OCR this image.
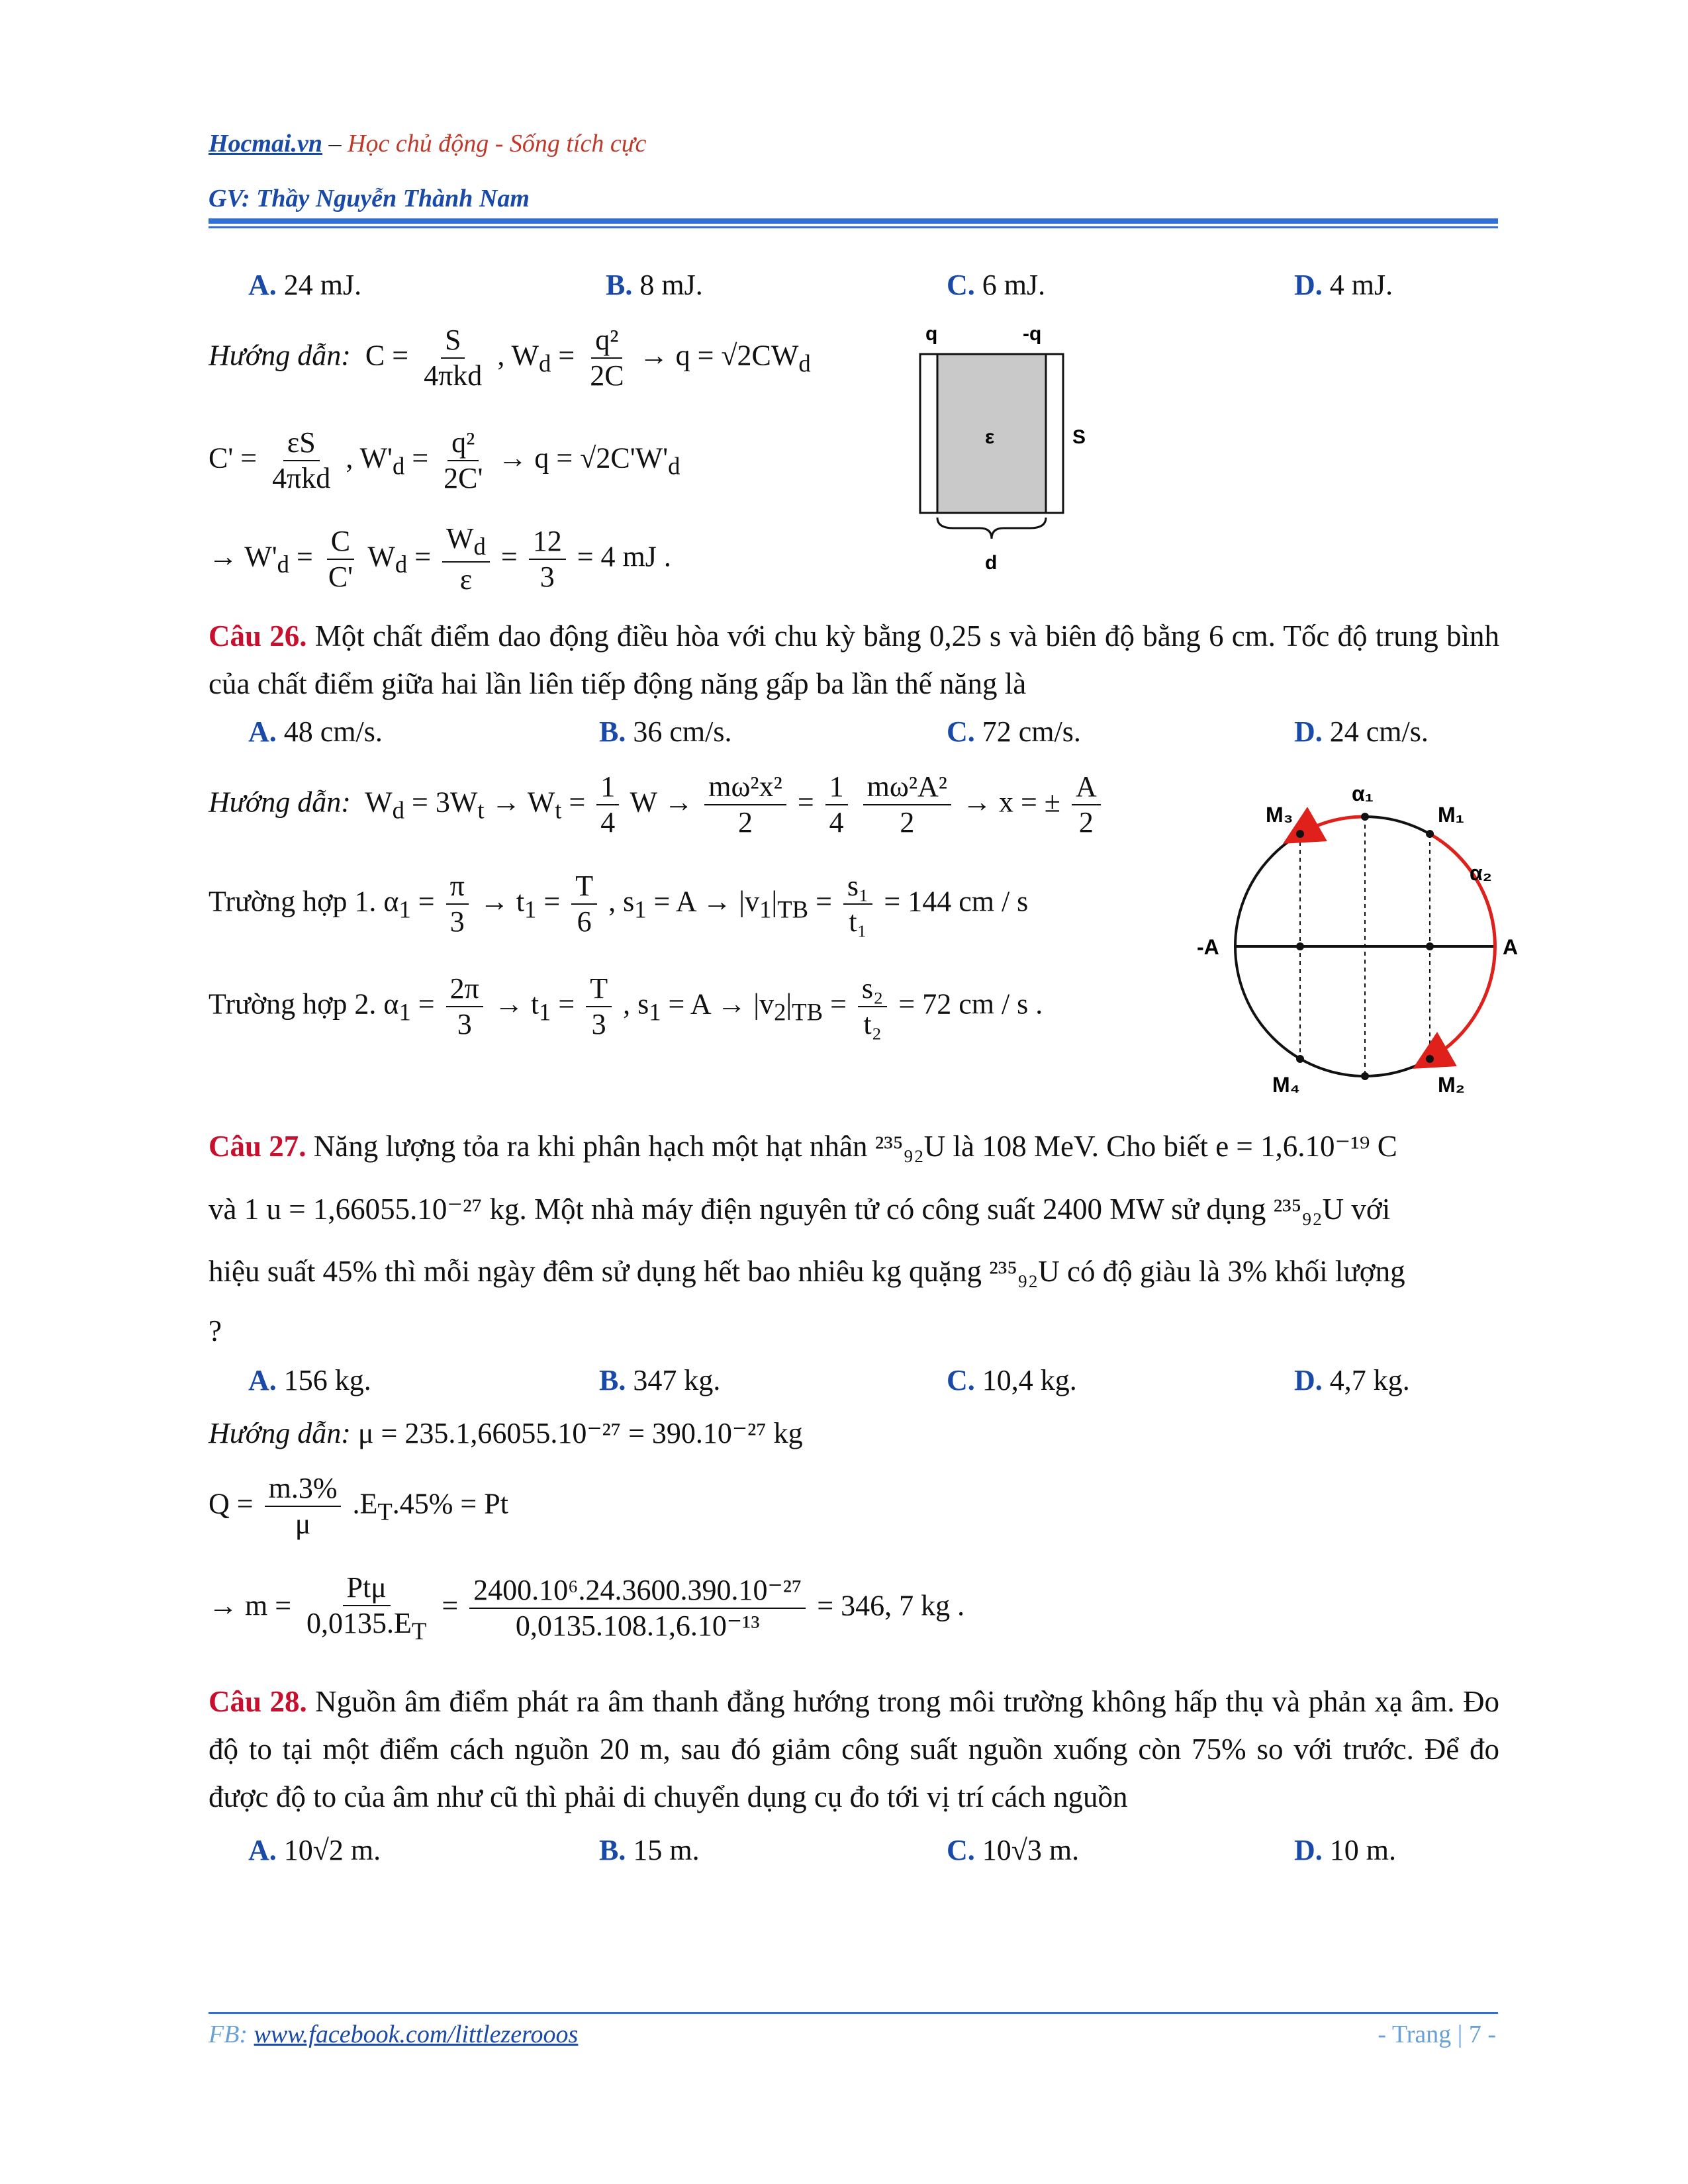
Hocmai.vn – Học chủ động - Sống tích cực
GV: Thầy Nguyễn Thành Nam
A. 24 mJ.	B. 8 mJ.	C. 6 mJ.	D. 4 mJ.
Hướng dẫn: $C = \frac{S}{\text{4πkd}}$ , $W_d = \frac{\text{q²}}{2C} \to q = √2CW_d$
$C' = \frac{\varepsilon S}{\text{4πkd}}$ , $W'_d = \frac{\text{q²}}{2C'} \to q = √2C'W'_d$
→ $W'_d = \frac{C}{C'} W_d = \frac{W_d}{\varepsilon} = \frac{12}{3} = 4$ mJ .
q	-q
ε	S
d
Câu 26. Một chất điểm dao động điều hòa với chu kỳ bằng 0,25 s và biên độ bằng 6 cm. Tốc độ trung bình của chất điểm giữa hai lần liên tiếp động năng gấp ba lần thế năng là
A. 48 cm/s.	B. 36 cm/s.	C. 72 cm/s.	D. 24 cm/s.
Hướng dẫn: $W_d = 3W_t \to W_t = \frac{1}{4}$ $W \to \frac{\text{mω²x²}}{2} = \frac{1}{4}$
$\frac{\text{mω²A²}}{2} \to x$ = ± $\frac{A}{2}$
Trường hợp 1. $\alpha_1 = \frac{\pi}{3} \to t_1 = \frac{T}{6}$ , $s_1 = A \to |v_1|_{TB} = \frac{\text{s₁}}{\text{t₁}} = 144$ cm / s
Trường hợp 2. $\alpha_1 = \frac{2\pi}{3} \to t_1 = \frac{T}{3}$ , $s_1 = A \to |v_2|_{TB} = \frac{\text{s₂}}{\text{t₂}} = 72$ cm / s .
M₃
α₁
M₁
α₂
-A	A
M₄	M₂
Câu 27. Năng lượng tỏa ra khi phân hạch một hạt nhân ²³⁵₉₂U là 108 MeV. Cho biết e = 1,6.10⁻¹⁹ C
và 1 u = 1,66055.10⁻²⁷ kg. Một nhà máy điện nguyên tử có công suất 2400 MW sử dụng ²³⁵₉₂U với
hiệu suất 45% thì mỗi ngày đêm sử dụng hết bao nhiêu kg quặng ²³⁵₉₂U có độ giàu là 3% khối lượng
?
A. 156 kg.	B. 347 kg.	C. 10,4 kg.	D. 4,7 kg.
Hướng dẫn: μ = 235.1,66055.10⁻²⁷ = 390.10⁻²⁷ kg
$Q = \frac{m.3\%}{\mu} .E_T.45\% = Pt$
→ $m = \frac{\text{Ptμ}}{0,0135.E_T} = \frac{\text{2400.10⁶.24.3600.390.10⁻²⁷}}{\text{0,0135.108.1,6.10⁻¹³}} = 346$, 7 kg .
Câu 28. Nguồn âm điểm phát ra âm thanh đẳng hướng trong môi trường không hấp thụ và phản xạ âm. Đo độ to tại một điểm cách nguồn 20 m, sau đó giảm công suất nguồn xuống còn 75% so với trước. Để đo được độ to của âm như cũ thì phải di chuyển dụng cụ đo tới vị trí cách nguồn
A. 10√2 m.	B. 15 m.	C. 10√3 m.	D. 10 m.
FB: www.facebook.com/littlezerooos	- Trang | 7 -
